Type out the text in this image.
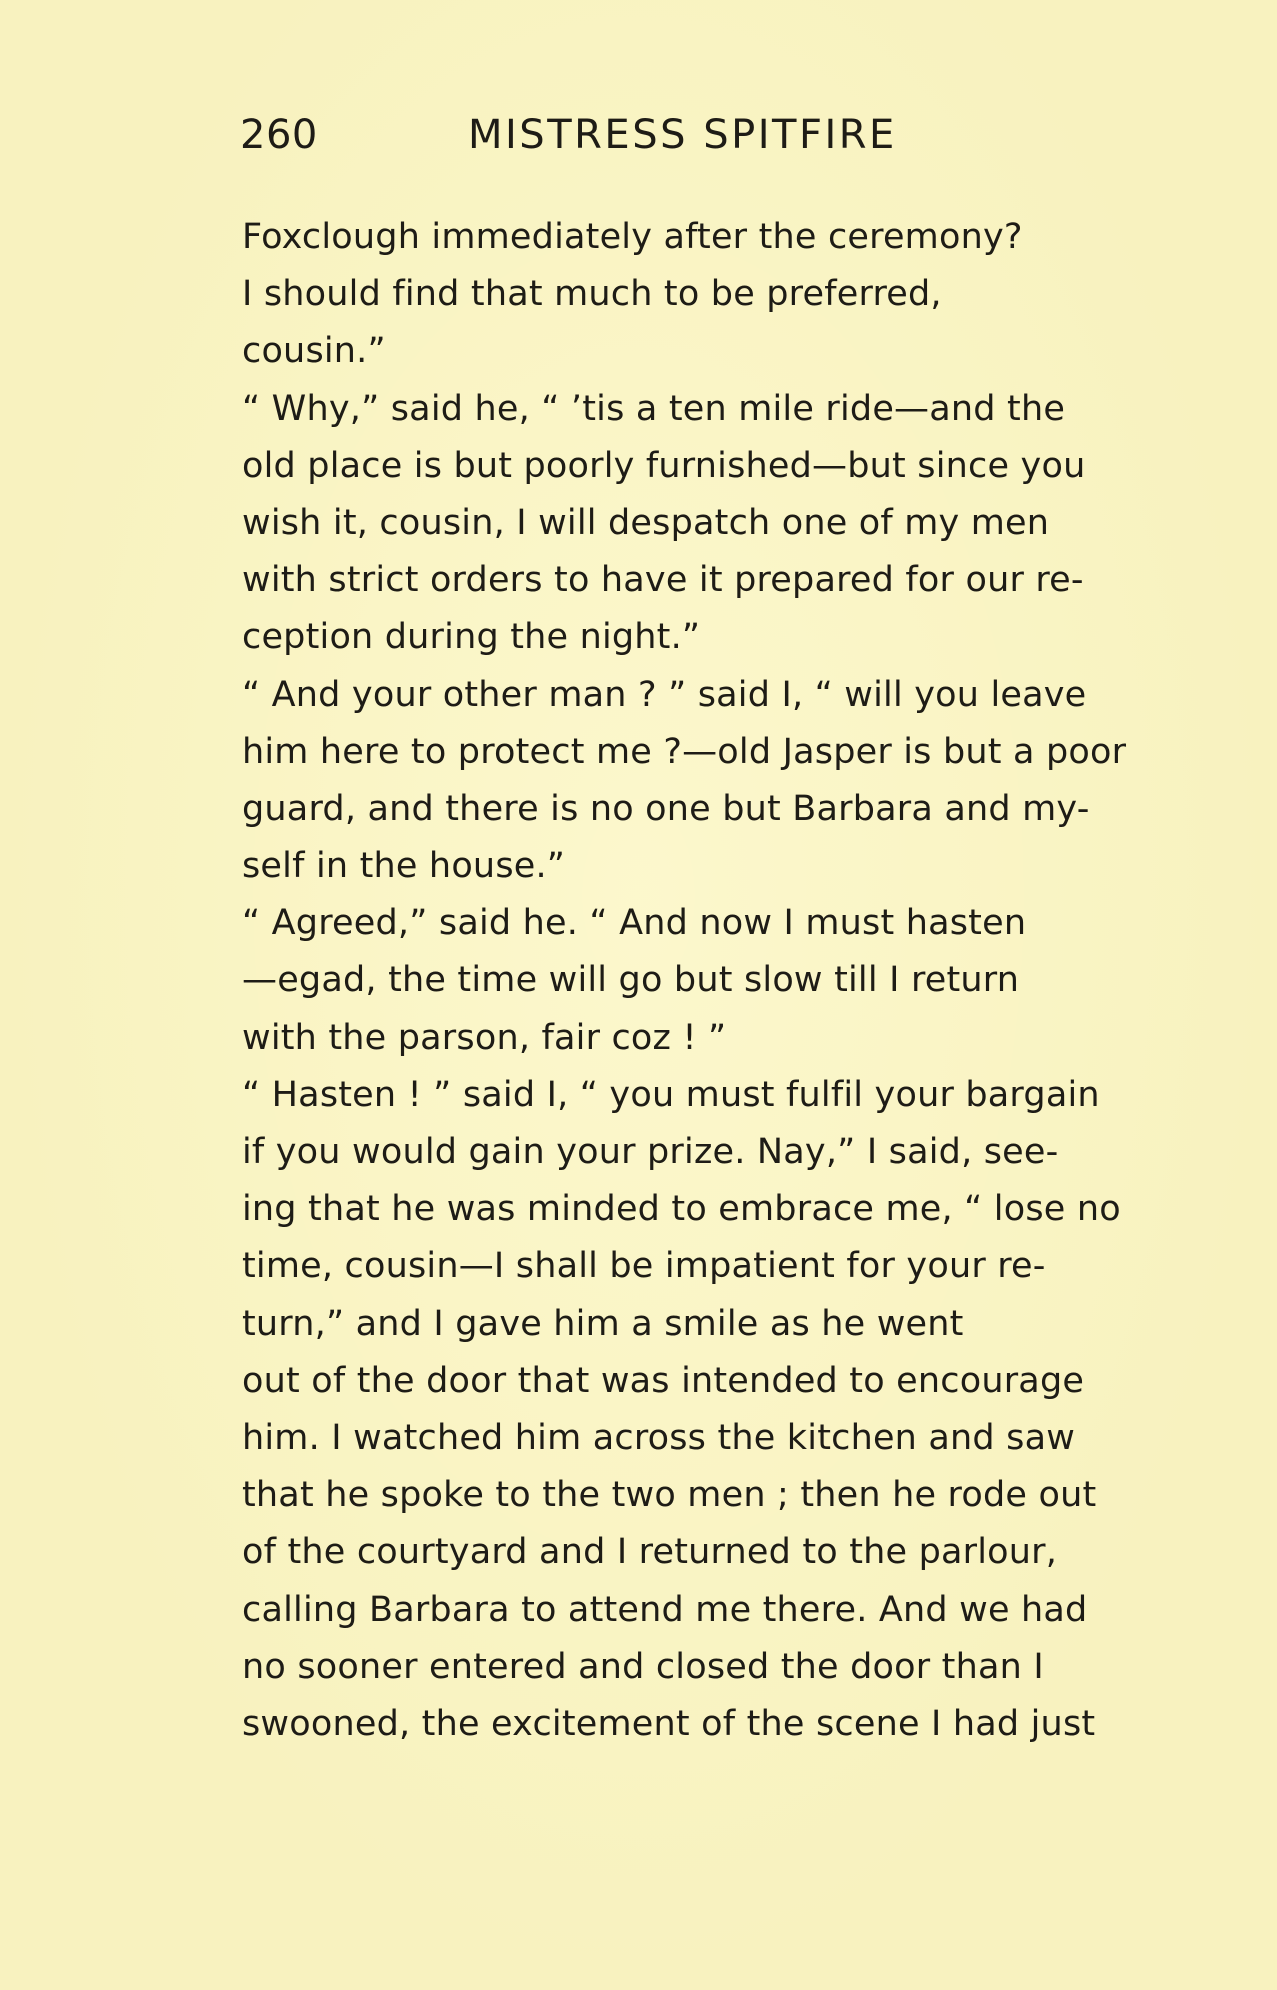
260	MISTRESS SPITFIRE
Foxclough immediately after the ceremony?
I should find that much to be preferred,
cousin.”
“ Why,” said he, “ ’tis a ten mile ride—and the
old place is but poorly furnished—but since you
wish it, cousin, I will despatch one of my men
with strict orders to have it prepared for our re-
ception during the night.”
“ And your other man ? ” said I, “ will you leave
him here to protect me ?—old Jasper is but a poor
guard, and there is no one but Barbara and my-
self in the house.”
“ Agreed,” said he. “ And now I must hasten
—egad, the time will go but slow till I return
with the parson, fair coz ! ”
“ Hasten ! ” said I, “ you must fulfil your bargain
if you would gain your prize. Nay,” I said, see-
ing that he was minded to embrace me, “ lose no
time, cousin—I shall be impatient for your re-
turn,” and I gave him a smile as he went
out of the door that was intended to encourage
him. I watched him across the kitchen and saw
that he spoke to the two men ; then he rode out
of the courtyard and I returned to the parlour,
calling Barbara to attend me there. And we had
no sooner entered and closed the door than I
swooned, the excitement of the scene I had just
